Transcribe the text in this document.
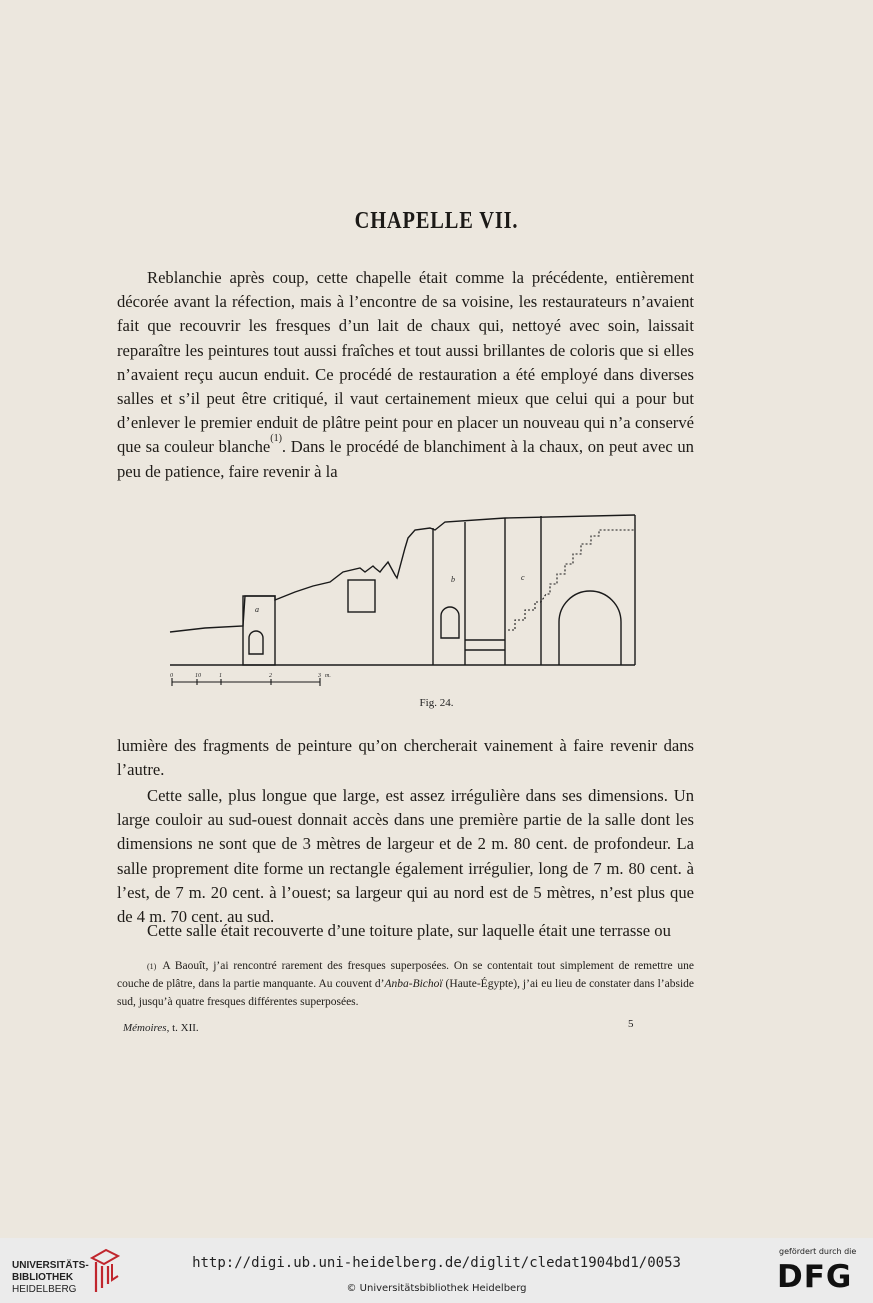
CHAPELLE VII.

Reblanchie après coup, cette chapelle était comme la précédente, entièrement décorée avant la réfection, mais à l’encontre de sa voisine, les restaurateurs n’avaient fait que recouvrir les fresques d’un lait de chaux qui, nettoyé avec soin, laissait reparaître les peintures tout aussi fraîches et tout aussi brillantes de coloris que si elles n’avaient reçu aucun enduit. Ce procédé de restauration a été employé dans diverses salles et s’il peut être critiqué, il vaut certainement mieux que celui qui a pour but d’enlever le premier enduit de plâtre peint pour en placer un nouveau qui n’a conservé que sa couleur blanche$^{(1)}$. Dans le procédé de blanchiment à la chaux, on peut avec un peu de patience, faire revenir à la

a
b	c
0	10	1	2	3 m.
Fig. 24.

lumière des fragments de peinture qu’on chercherait vainement à faire revenir dans l’autre.

Cette salle, plus longue que large, est assez irrégulière dans ses dimensions. Un large couloir au sud-ouest donnait accès dans une première partie de la salle dont les dimensions ne sont que de 3 mètres de largeur et de 2 m. 80 cent. de profondeur. La salle proprement dite forme un rectangle également irrégulier, long de 7 m. 80 cent. à l’est, de 7 m. 20 cent. à l’ouest; sa largeur qui au nord est de 5 mètres, n’est plus que de 4 m. 70 cent. au sud.

Cette salle était recouverte d’une toiture plate, sur laquelle était une terrasse ou

$^{(1)}$ A Baouît, j’ai rencontré rarement des fresques superposées. On se contentait tout simplement de remettre une couche de plâtre, dans la partie manquante. Au couvent d’Anba-Bichoï (Haute-Égypte), j’ai eu lieu de constater dans l’abside sud, jusqu’à quatre fresques différentes superposées.

Mémoires, t. XII.	5
UNIVERSITÄTS-
BIBLIOTHEK
HEIDELBERG
http://digi.ub.uni-heidelberg.de/diglit/cledat1904bd1/0053
© Universitätsbibliothek Heidelberg
gefördert durch die
DFG
